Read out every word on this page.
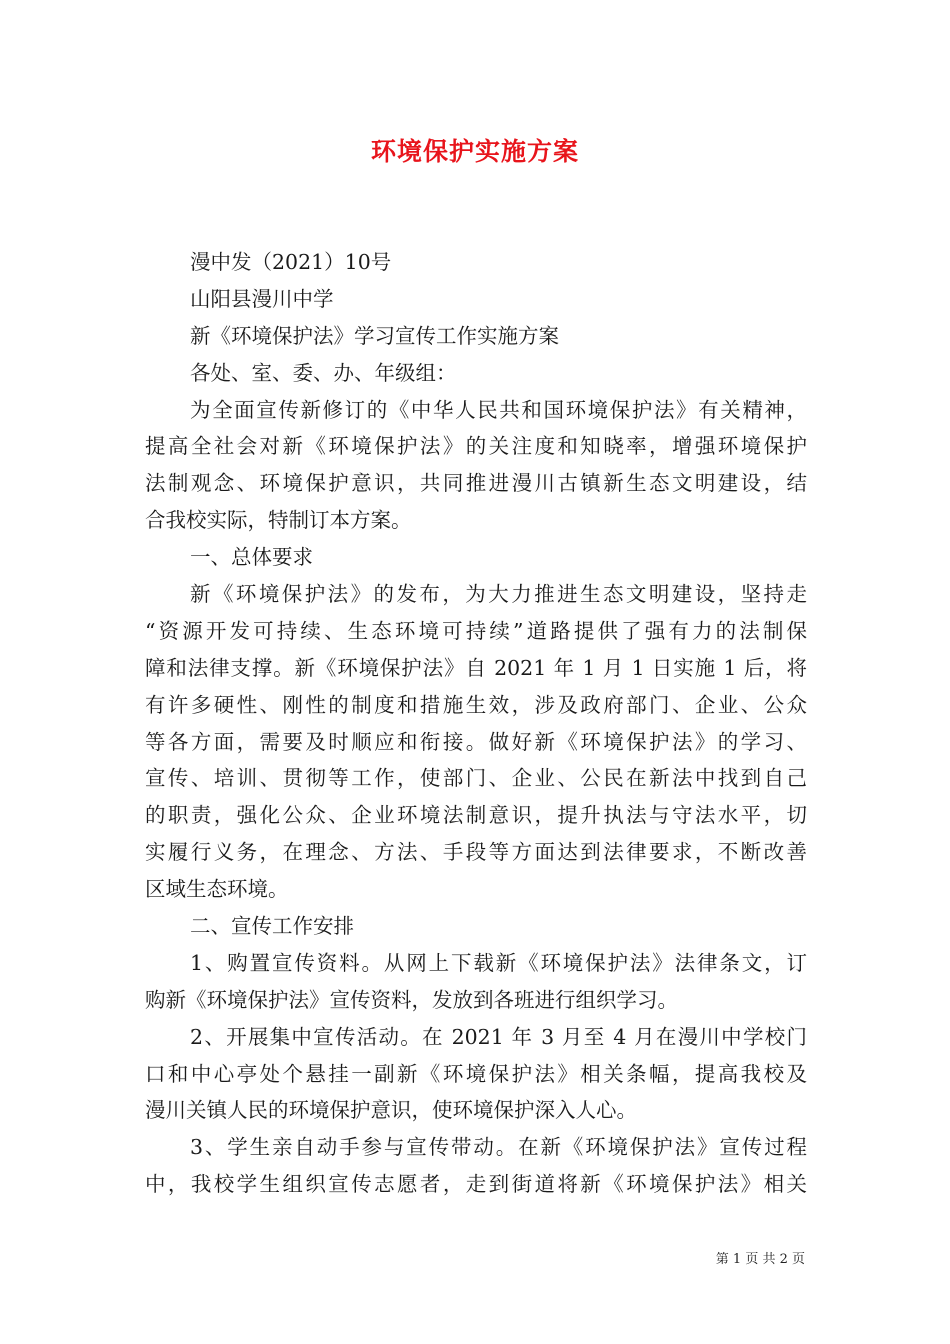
环境保护实施方案
漫中发（2021）10号
山阳县漫川中学
新《环境保护法》学习宣传工作实施方案
各处、室、委、办、年级组：
为全面宣传新修订的《中华人民共和国环境保护法》有关精神，
提高全社会对新《环境保护法》的关注度和知晓率，增强环境保护
法制观念、环境保护意识，共同推进漫川古镇新生态文明建设，结
合我校实际，特制订本方案。
一、总体要求
新《环境保护法》的发布，为大力推进生态文明建设，坚持走
“资源开发可持续、生态环境可持续”道路提供了强有力的法制保
障和法律支撑。新《环境保护法》自 2021 年 1 月 1 日实施 1 后，将
有许多硬性、刚性的制度和措施生效，涉及政府部门、企业、公众
等各方面，需要及时顺应和衔接。做好新《环境保护法》的学习、
宣传、培训、贯彻等工作，使部门、企业、公民在新法中找到自己
的职责，强化公众、企业环境法制意识，提升执法与守法水平，切
实履行义务，在理念、方法、手段等方面达到法律要求，不断改善
区域生态环境。
二、宣传工作安排
1、购置宣传资料。从网上下载新《环境保护法》法律条文，订
购新《环境保护法》宣传资料，发放到各班进行组织学习。
2、开展集中宣传活动。在 2021 年 3 月至 4 月在漫川中学校门
口和中心亭处个悬挂一副新《环境保护法》相关条幅，提高我校及
漫川关镇人民的环境保护意识，使环境保护深入人心。
3、学生亲自动手参与宣传带动。在新《环境保护法》宣传过程
中，我校学生组织宣传志愿者，走到街道将新《环境保护法》相关
第 1 页 共 2 页
